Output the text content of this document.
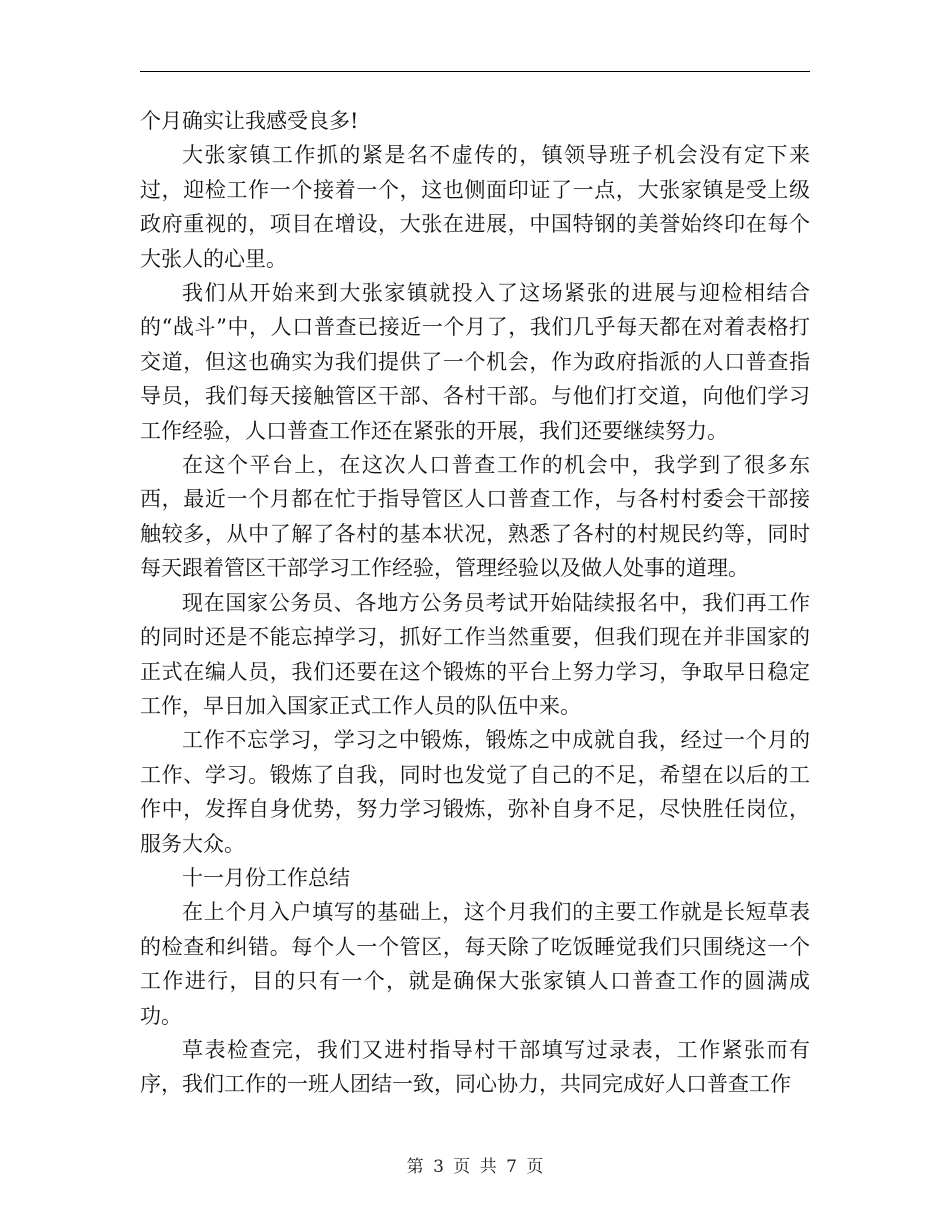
个月确实让我感受良多!

大张家镇工作抓的紧是名不虚传的，镇领导班子机会没有定下来过，迎检工作一个接着一个，这也侧面印证了一点，大张家镇是受上级政府重视的，项目在增设，大张在进展，中国特钢的美誉始终印在每个大张人的心里。

我们从开始来到大张家镇就投入了这场紧张的进展与迎检相结合的“战斗”中，人口普查已接近一个月了，我们几乎每天都在对着表格打交道，但这也确实为我们提供了一个机会，作为政府指派的人口普查指导员，我们每天接触管区干部、各村干部。与他们打交道，向他们学习工作经验，人口普查工作还在紧张的开展，我们还要继续努力。

在这个平台上，在这次人口普查工作的机会中，我学到了很多东西，最近一个月都在忙于指导管区人口普查工作，与各村村委会干部接触较多，从中了解了各村的基本状况，熟悉了各村的村规民约等，同时每天跟着管区干部学习工作经验，管理经验以及做人处事的道理。

现在国家公务员、各地方公务员考试开始陆续报名中，我们再工作的同时还是不能忘掉学习，抓好工作当然重要，但我们现在并非国家的正式在编人员，我们还要在这个锻炼的平台上努力学习，争取早日稳定工作，早日加入国家正式工作人员的队伍中来。

工作不忘学习，学习之中锻炼，锻炼之中成就自我，经过一个月的工作、学习。锻炼了自我，同时也发觉了自己的不足，希望在以后的工作中，发挥自身优势，努力学习锻炼，弥补自身不足，尽快胜任岗位，服务大众。

十一月份工作总结

在上个月入户填写的基础上，这个月我们的主要工作就是长短草表的检查和纠错。每个人一个管区，每天除了吃饭睡觉我们只围绕这一个工作进行，目的只有一个，就是确保大张家镇人口普查工作的圆满成功。

草表检查完，我们又进村指导村干部填写过录表，工作紧张而有序，我们工作的一班人团结一致，同心协力，共同完成好人口普查工作

第 3 页 共 7 页
